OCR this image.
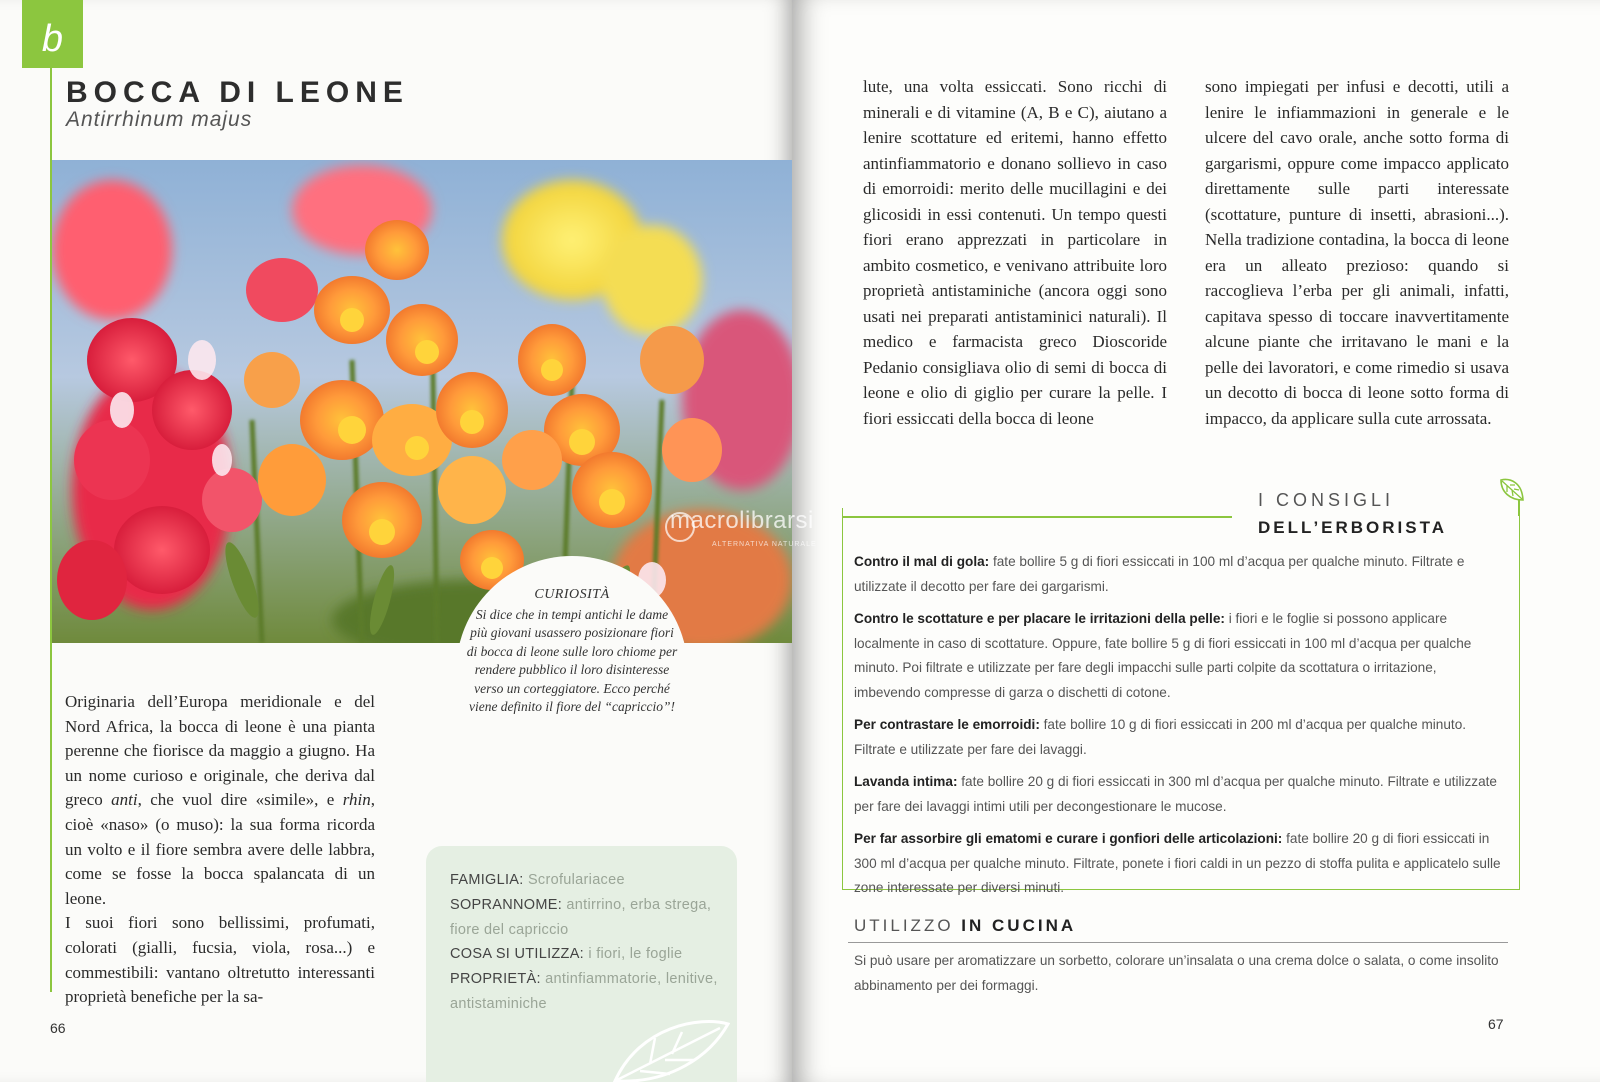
b
BOCCA DI LEONE
Antirrhinum majus
CURIOSITÀ
Si dice che in tempi antichi le dame più giovani usassero posizionare fiori di bocca di leone sulle loro chiome per rendere pubblico il loro disinteresse verso un corteggiatore. Ecco perché viene definito il fiore del “capriccio”!

Originaria dell’Europa meridionale e del Nord Africa, la bocca di leone è una pianta perenne che fiorisce da maggio a giugno. Ha un nome curioso e originale, che deriva dal greco anti, che vuol dire «simile», e rhin, cioè «naso» (o muso): la sua forma ricorda un volto e il fiore sembra avere delle labbra, come se fosse la bocca spalancata di un leone.

I suoi fiori sono bellissimi, profumati, colorati (gialli, fucsia, viola, rosa...) e commestibili: vantano oltretutto interessanti proprietà benefiche per la sa-

FAMIGLIA: Scrofulariacee
SOPRANNOME: antirrino, erba stregа, fiore del capriccio
COSA SI UTILIZZA: i fiori, le foglie
PROPRIETÀ: antinfiammatorie, lenitive, antistaminiche
66

lute, una volta essiccati. Sono ricchi di minerali e di vitamine (A, B e C), aiutano a lenire scottature ed eritemi, hanno effetto antinfiammatorio e donano sollievo in caso di emorroidi: merito delle mucillagini e dei glicosidi in essi contenuti. Un tempo questi fiori erano apprezzati in particolare in ambito cosmetico, e venivano attribuite loro proprietà antistaminiche (ancora oggi sono usati nei preparati antistaminici naturali). Il medico e farmacista greco Dioscoride Pedanio consigliava olio di semi di bocca di leone e olio di giglio per curare la pelle. I fiori essiccati della bocca di leone

sono impiegati per infusi e decotti, utili a lenire le infiammazioni in generale e le ulcere del cavo orale, anche sotto forma di gargarismi, oppure come impacco applicato direttamente sulle parti interessate (scottature, punture di insetti, abrasioni...). Nella tradizione contadina, la bocca di leone era un alleato prezioso: quando si raccoglieva l’erba per gli animali, infatti, capitava spesso di toccare inavvertitamente alcune piante che irritavano le mani e la pelle dei lavoratori, e come rimedio si usava un decotto di bocca di leone sotto forma di impacco, da applicare sulla cute arrossata.

I CONSIGLI
DELL’ERBORISTA

Contro il mal di gola: fate bollire 5 g di fiori essiccati in 100 ml d’acqua per qualche minuto. Filtrate e utilizzate il decotto per fare dei gargarismi.

Contro le scottature e per placare le irritazioni della pelle: i fiori e le foglie si possono applicare localmente in caso di scottature. Oppure, fate bollire 5 g di fiori essiccati in 100 ml d’acqua per qualche minuto. Poi filtrate e utilizzate per fare degli impacchi sulle parti colpite da scottatura o irritazione, imbevendo compresse di garza o dischetti di cotone.

Per contrastare le emorroidi: fate bollire 10 g di fiori essiccati in 200 ml d’acqua per qualche minuto. Filtrate e utilizzate per fare dei lavaggi.

Lavanda intima: fate bollire 20 g di fiori essiccati in 300 ml d’acqua per qualche minuto. Filtrate e utilizzate per fare dei lavaggi intimi utili per decongestionare le mucose.

Per far assorbire gli ematomi e curare i gonfiori delle articolazioni: fate bollire 20 g di fiori essiccati in 300 ml d’acqua per qualche minuto. Filtrate, ponete i fiori caldi in un pezzo di stoffa pulita e applicatelo sulle zone interessate per diversi minuti.

UTILIZZO IN CUCINA
Si può usare per aromatizzare un sorbetto, colorare un’insalata o una crema dolce o salata, o come insolito abbinamento per dei formaggi.
67
macrolibrarsi
ALTERNATIVA NATURALE
